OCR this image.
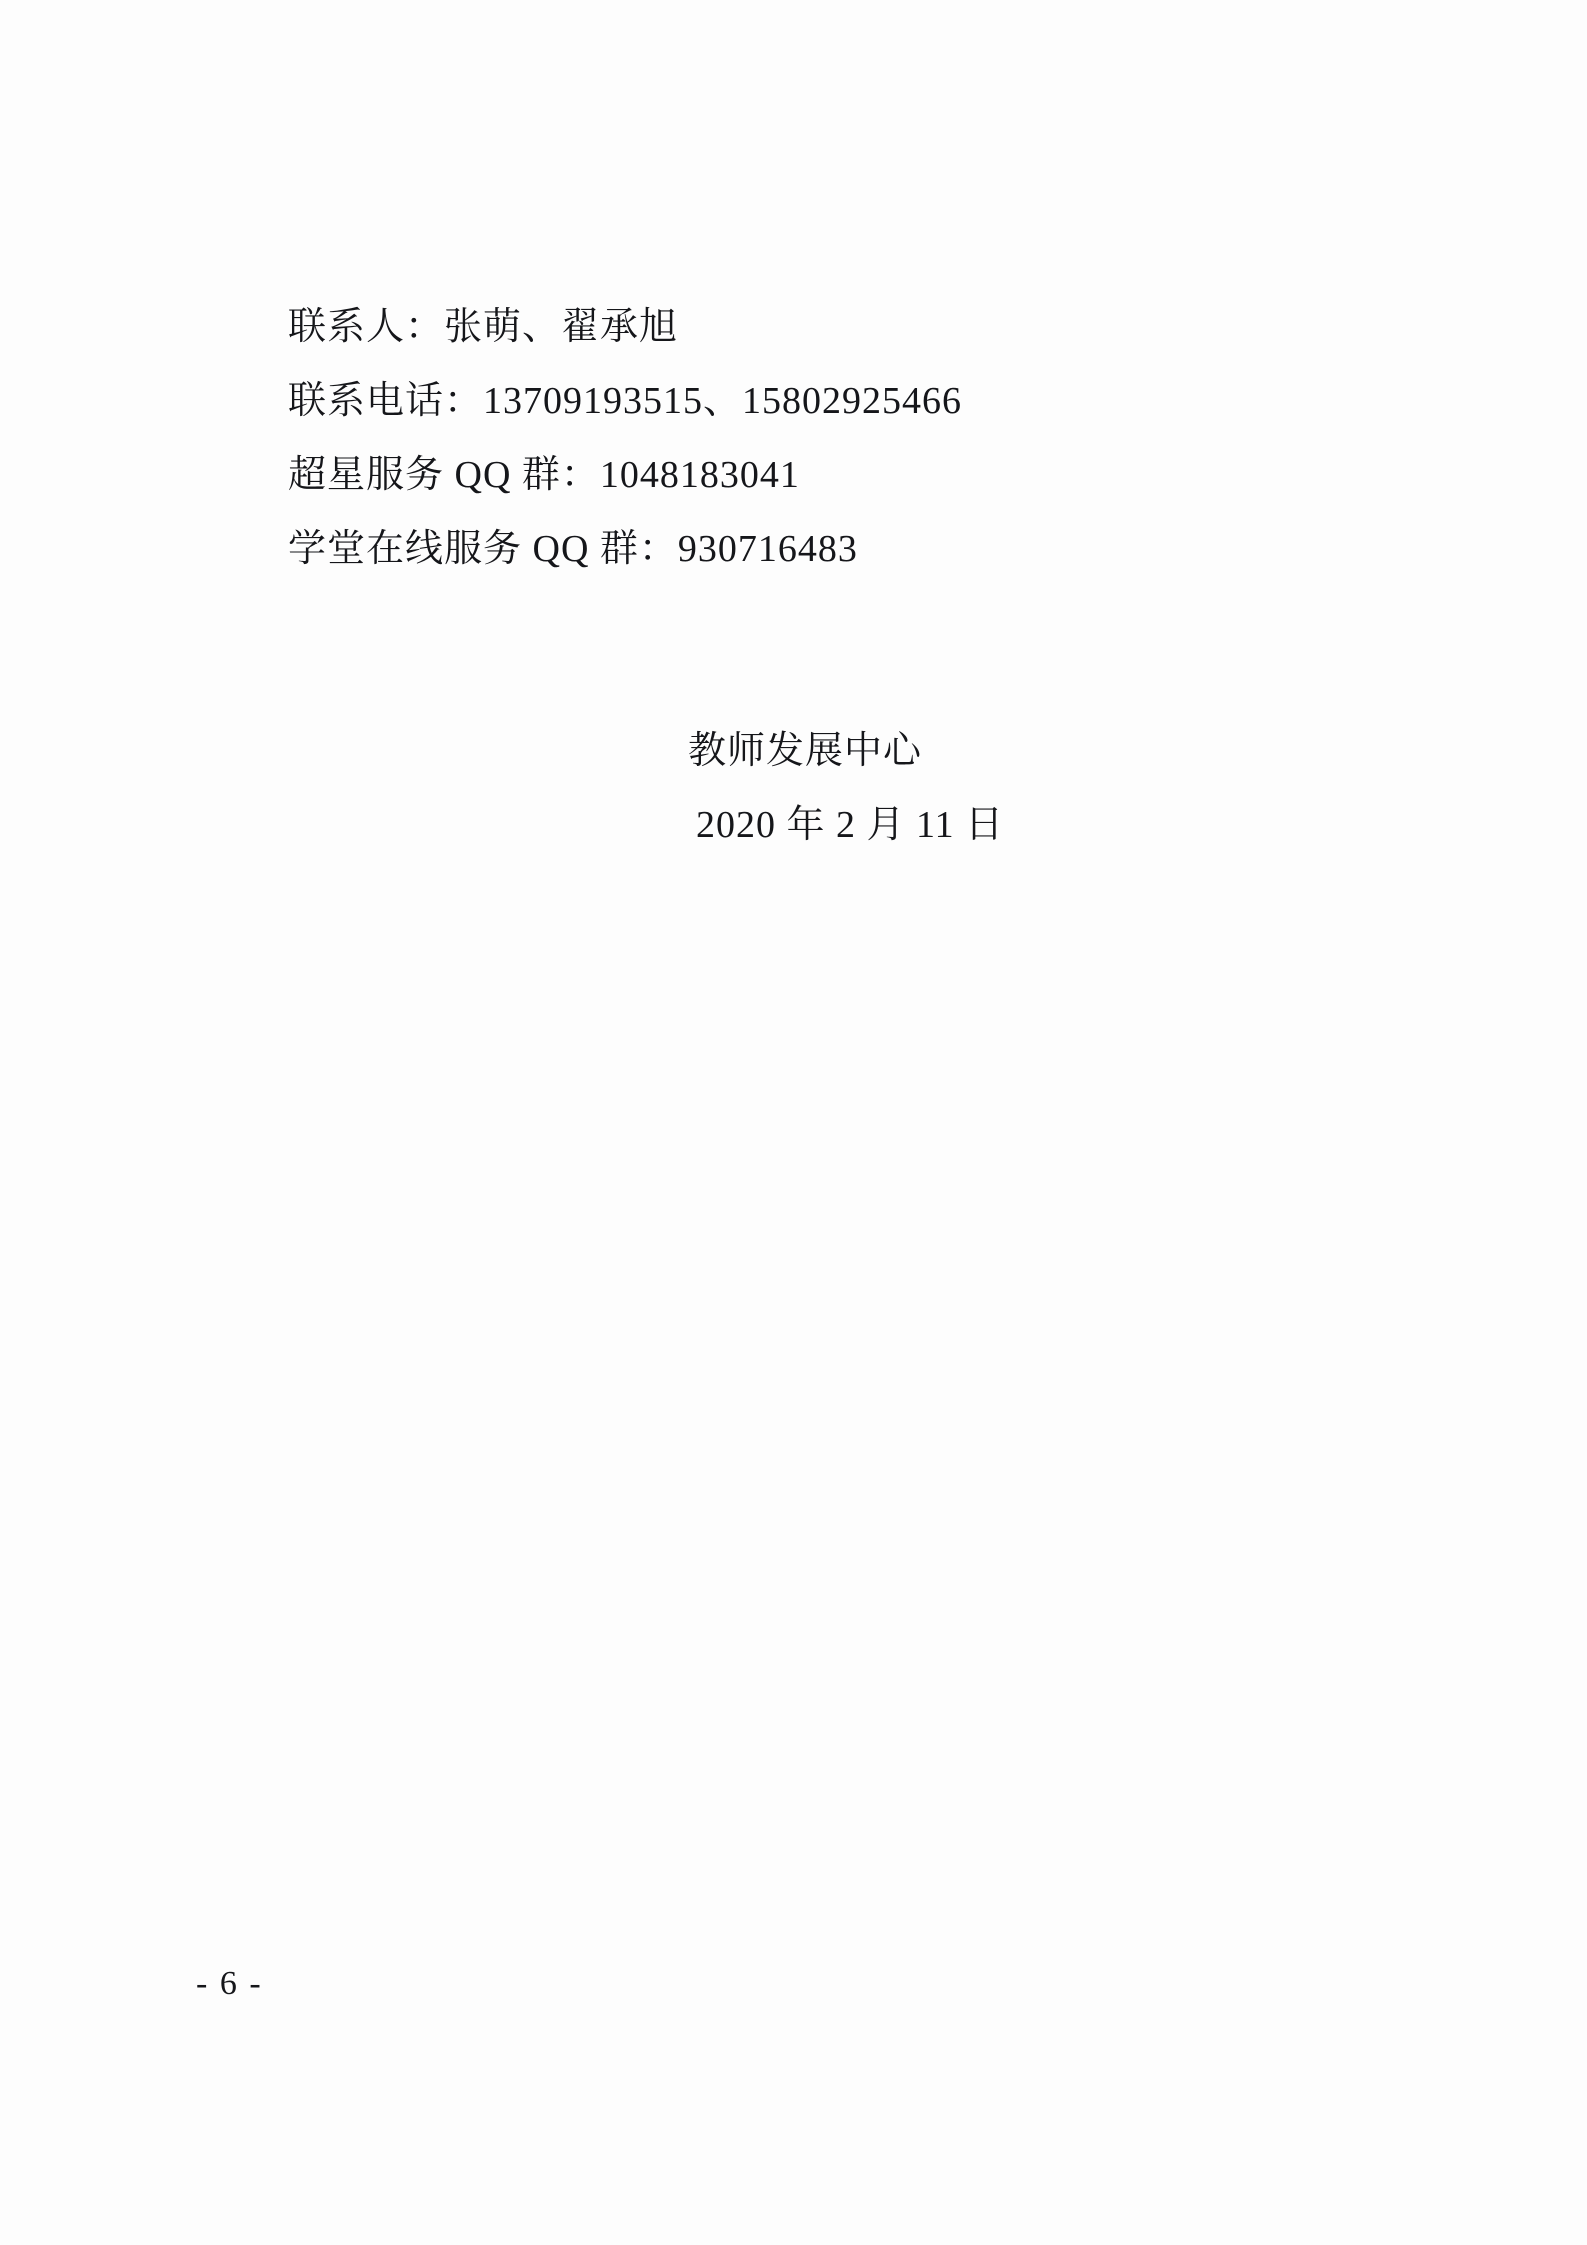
联系人：张萌、翟承旭
联系电话：13709193515、15802925466
超星服务 QQ 群：1048183041
学堂在线服务 QQ 群：930716483
教师发展中心
2020 年 2 月 11 日
- 6 -
